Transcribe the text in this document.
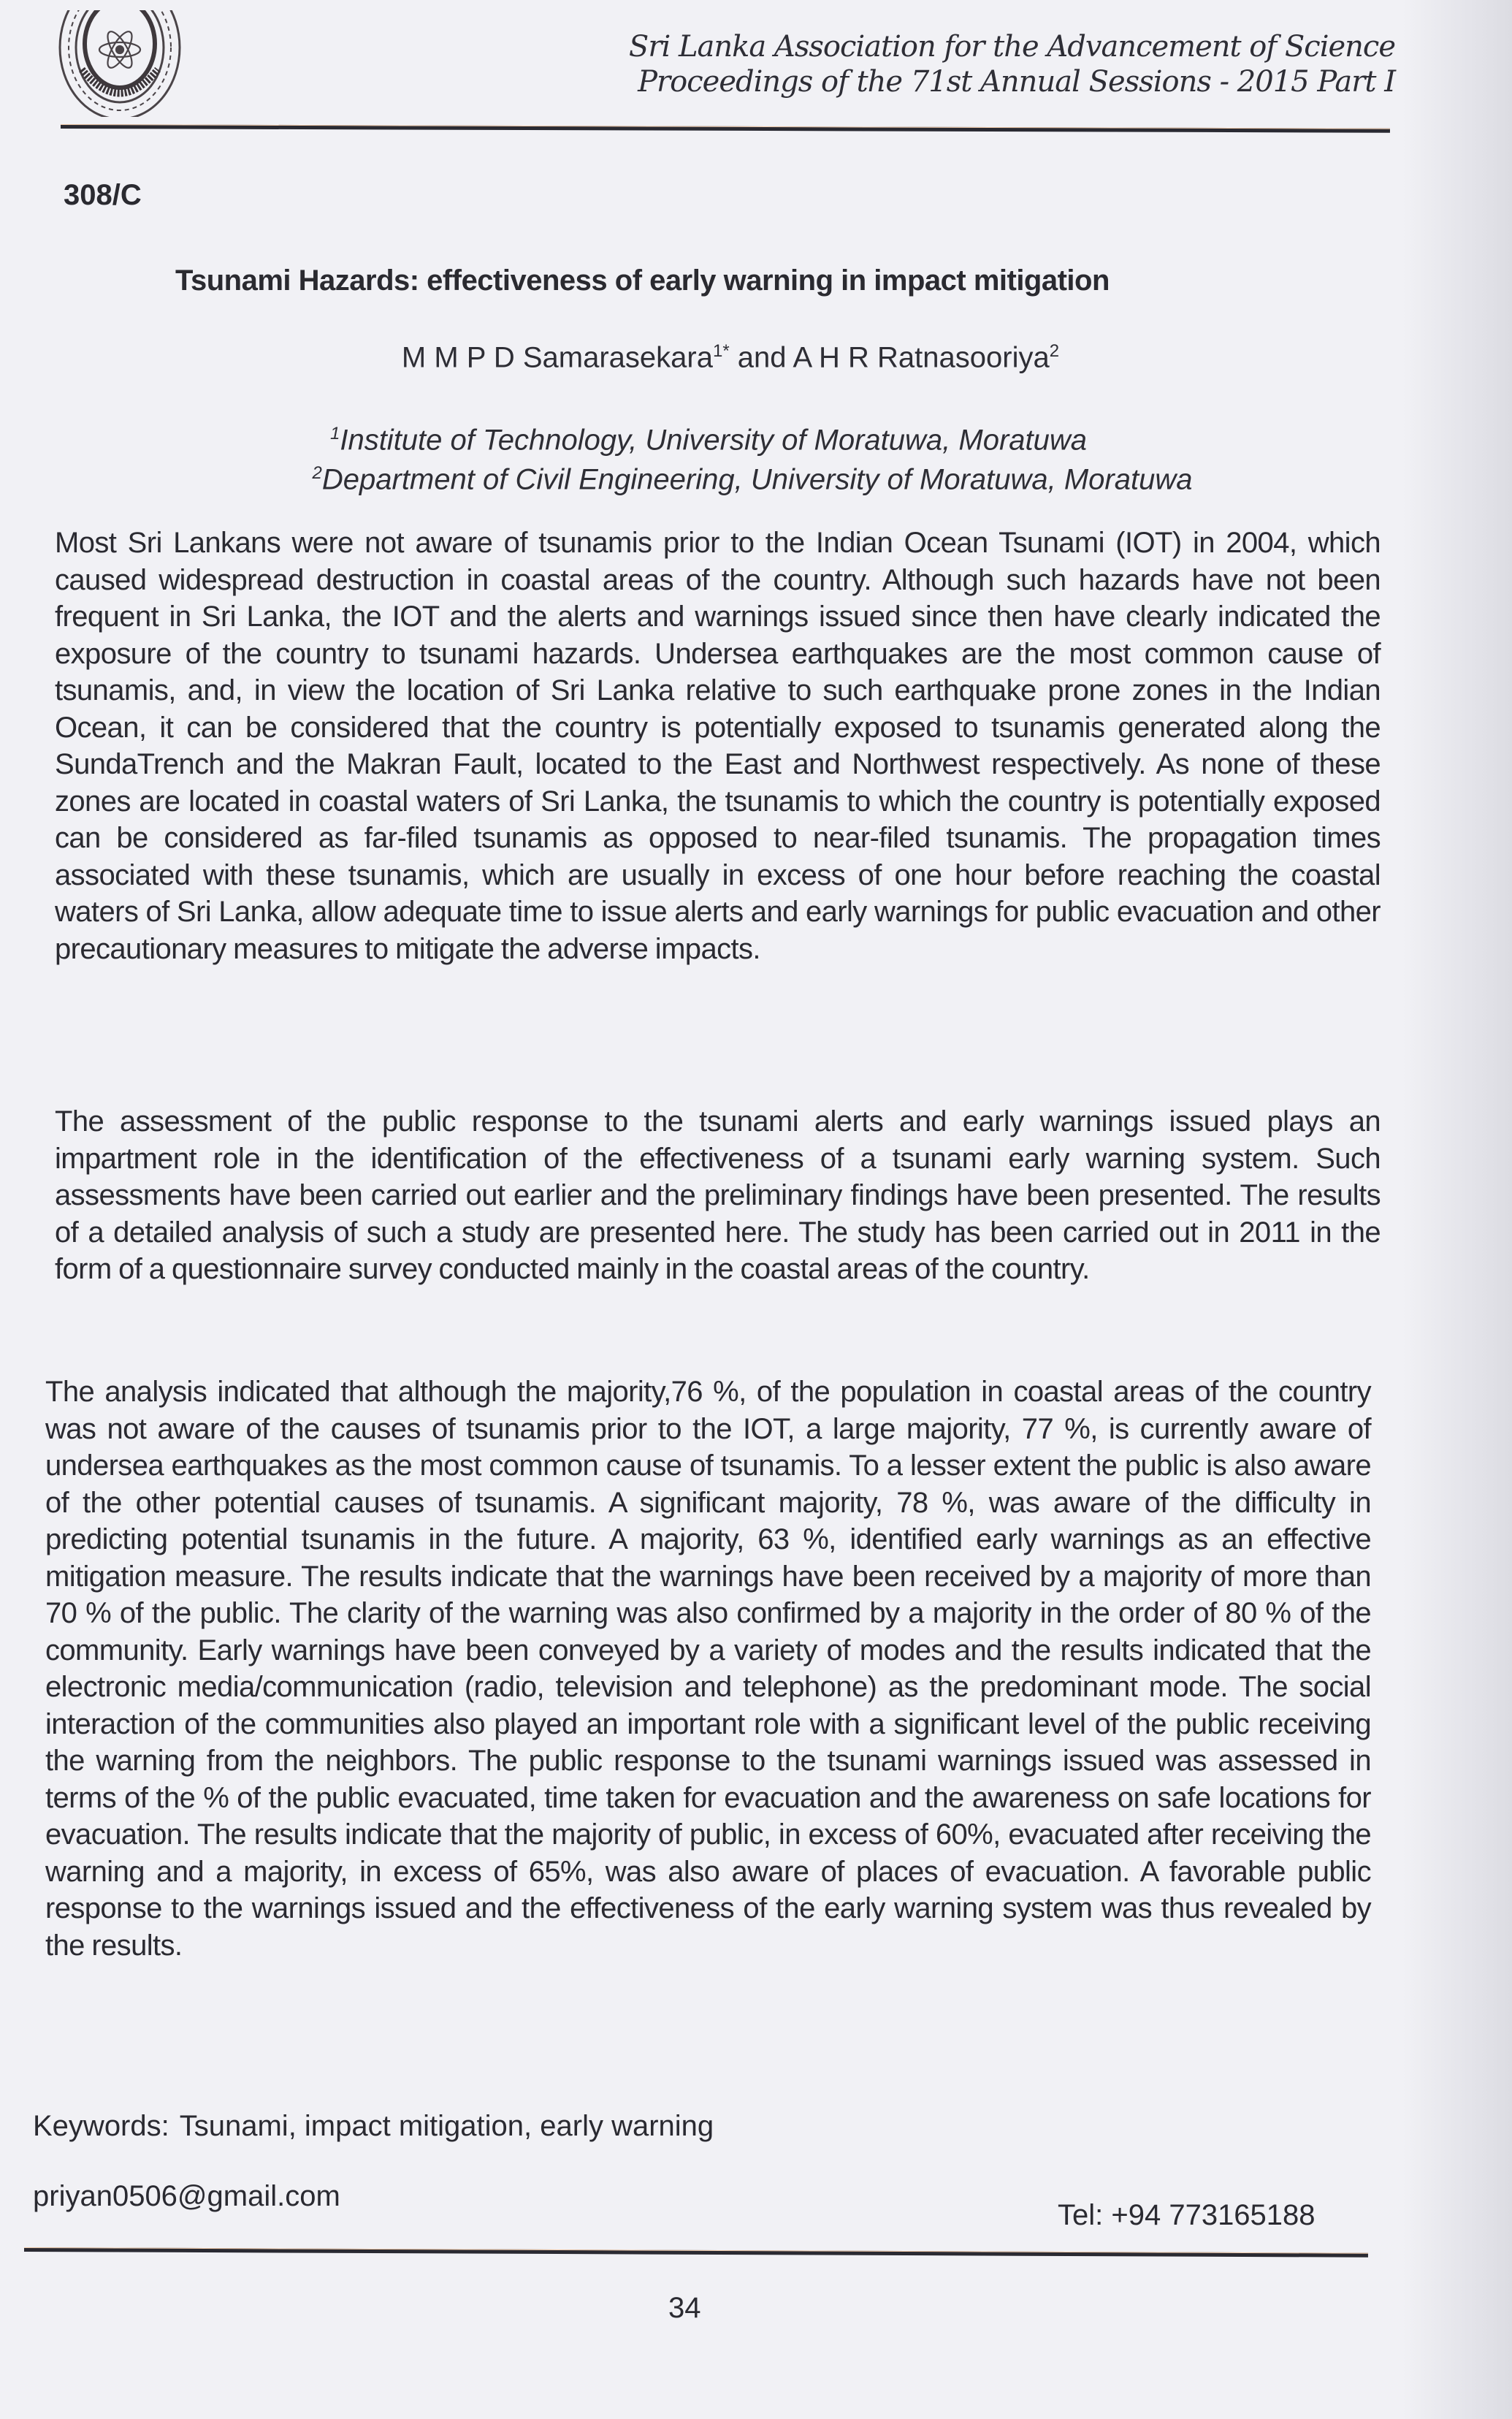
Sri Lanka Association for the Advancement of Science
Proceedings of the 71st Annual Sessions - 2015 Part I
308/C
Tsunami Hazards: effectiveness of early warning in impact mitigation
M M P D Samarasekara$^{1*}$ and A H R Ratnasooriya$^2$
$^1$Institute of Technology, University of Moratuwa, Moratuwa
$^2$Department of Civil Engineering, University of Moratuwa, Moratuwa

Most Sri Lankans were not aware of tsunamis prior to the Indian Ocean Tsunami (IOT) in 2004, which caused widespread destruction in coastal areas of the country. Although such hazards have not been frequent in Sri Lanka, the IOT and the alerts and warnings issued since then have clearly indicated the exposure of the country to tsunami hazards. Undersea earthquakes are the most common cause of tsunamis, and, in view the location of Sri Lanka relative to such earthquake prone zones in the Indian Ocean, it can be considered that the country is potentially exposed to tsunamis generated along the SundaTrench and the Makran Fault, located to the East and Northwest respectively. As none of these zones are located in coastal waters of Sri Lanka, the tsunamis to which the country is potentially exposed can be considered as far-filed tsunamis as opposed to near-filed tsunamis. The propagation times associated with these tsunamis, which are usually in excess of one hour before reaching the coastal waters of Sri Lanka, allow adequate time to issue alerts and early warnings for public evacuation and other precautionary measures to mitigate the adverse impacts.

The assessment of the public response to the tsunami alerts and early warnings issued plays an impartment role in the identification of the effectiveness of a tsunami early warning system. Such assessments have been carried out earlier and the preliminary findings have been presented. The results of a detailed analysis of such a study are presented here. The study has been carried out in 2011 in the form of a questionnaire survey conducted mainly in the coastal areas of the country.

The analysis indicated that although the majority,76 %, of the population in coastal areas of the country was not aware of the causes of tsunamis prior to the IOT, a large majority, 77 %, is currently aware of undersea earthquakes as the most common cause of tsunamis. To a lesser extent the public is also aware of the other potential causes of tsunamis. A significant majority, 78 %, was aware of the difficulty in predicting potential tsunamis in the future. A majority, 63 %, identified early warnings as an effective mitigation measure. The results indicate that the warnings have been received by a majority of more than 70 % of the public. The clarity of the warning was also confirmed by a majority in the order of 80 % of the community. Early warnings have been conveyed by a variety of modes and the results indicated that the electronic media/communication (radio, television and telephone) as the predominant mode. The social interaction of the communities also played an important role with a significant level of the public receiving the warning from the neighbors. The public response to the tsunami warnings issued was assessed in terms of the % of the public evacuated, time taken for evacuation and the awareness on safe locations for evacuation. The results indicate that the majority of public, in excess of 60%, evacuated after receiving the warning and a majority, in excess of 65%, was also aware of places of evacuation. A favorable public response to the warnings issued and the effectiveness of the early warning system was thus revealed by the results.

Keywords: Tsunami, impact mitigation, early warning
priyan0506@gmail.com
Tel: +94 773165188
34
